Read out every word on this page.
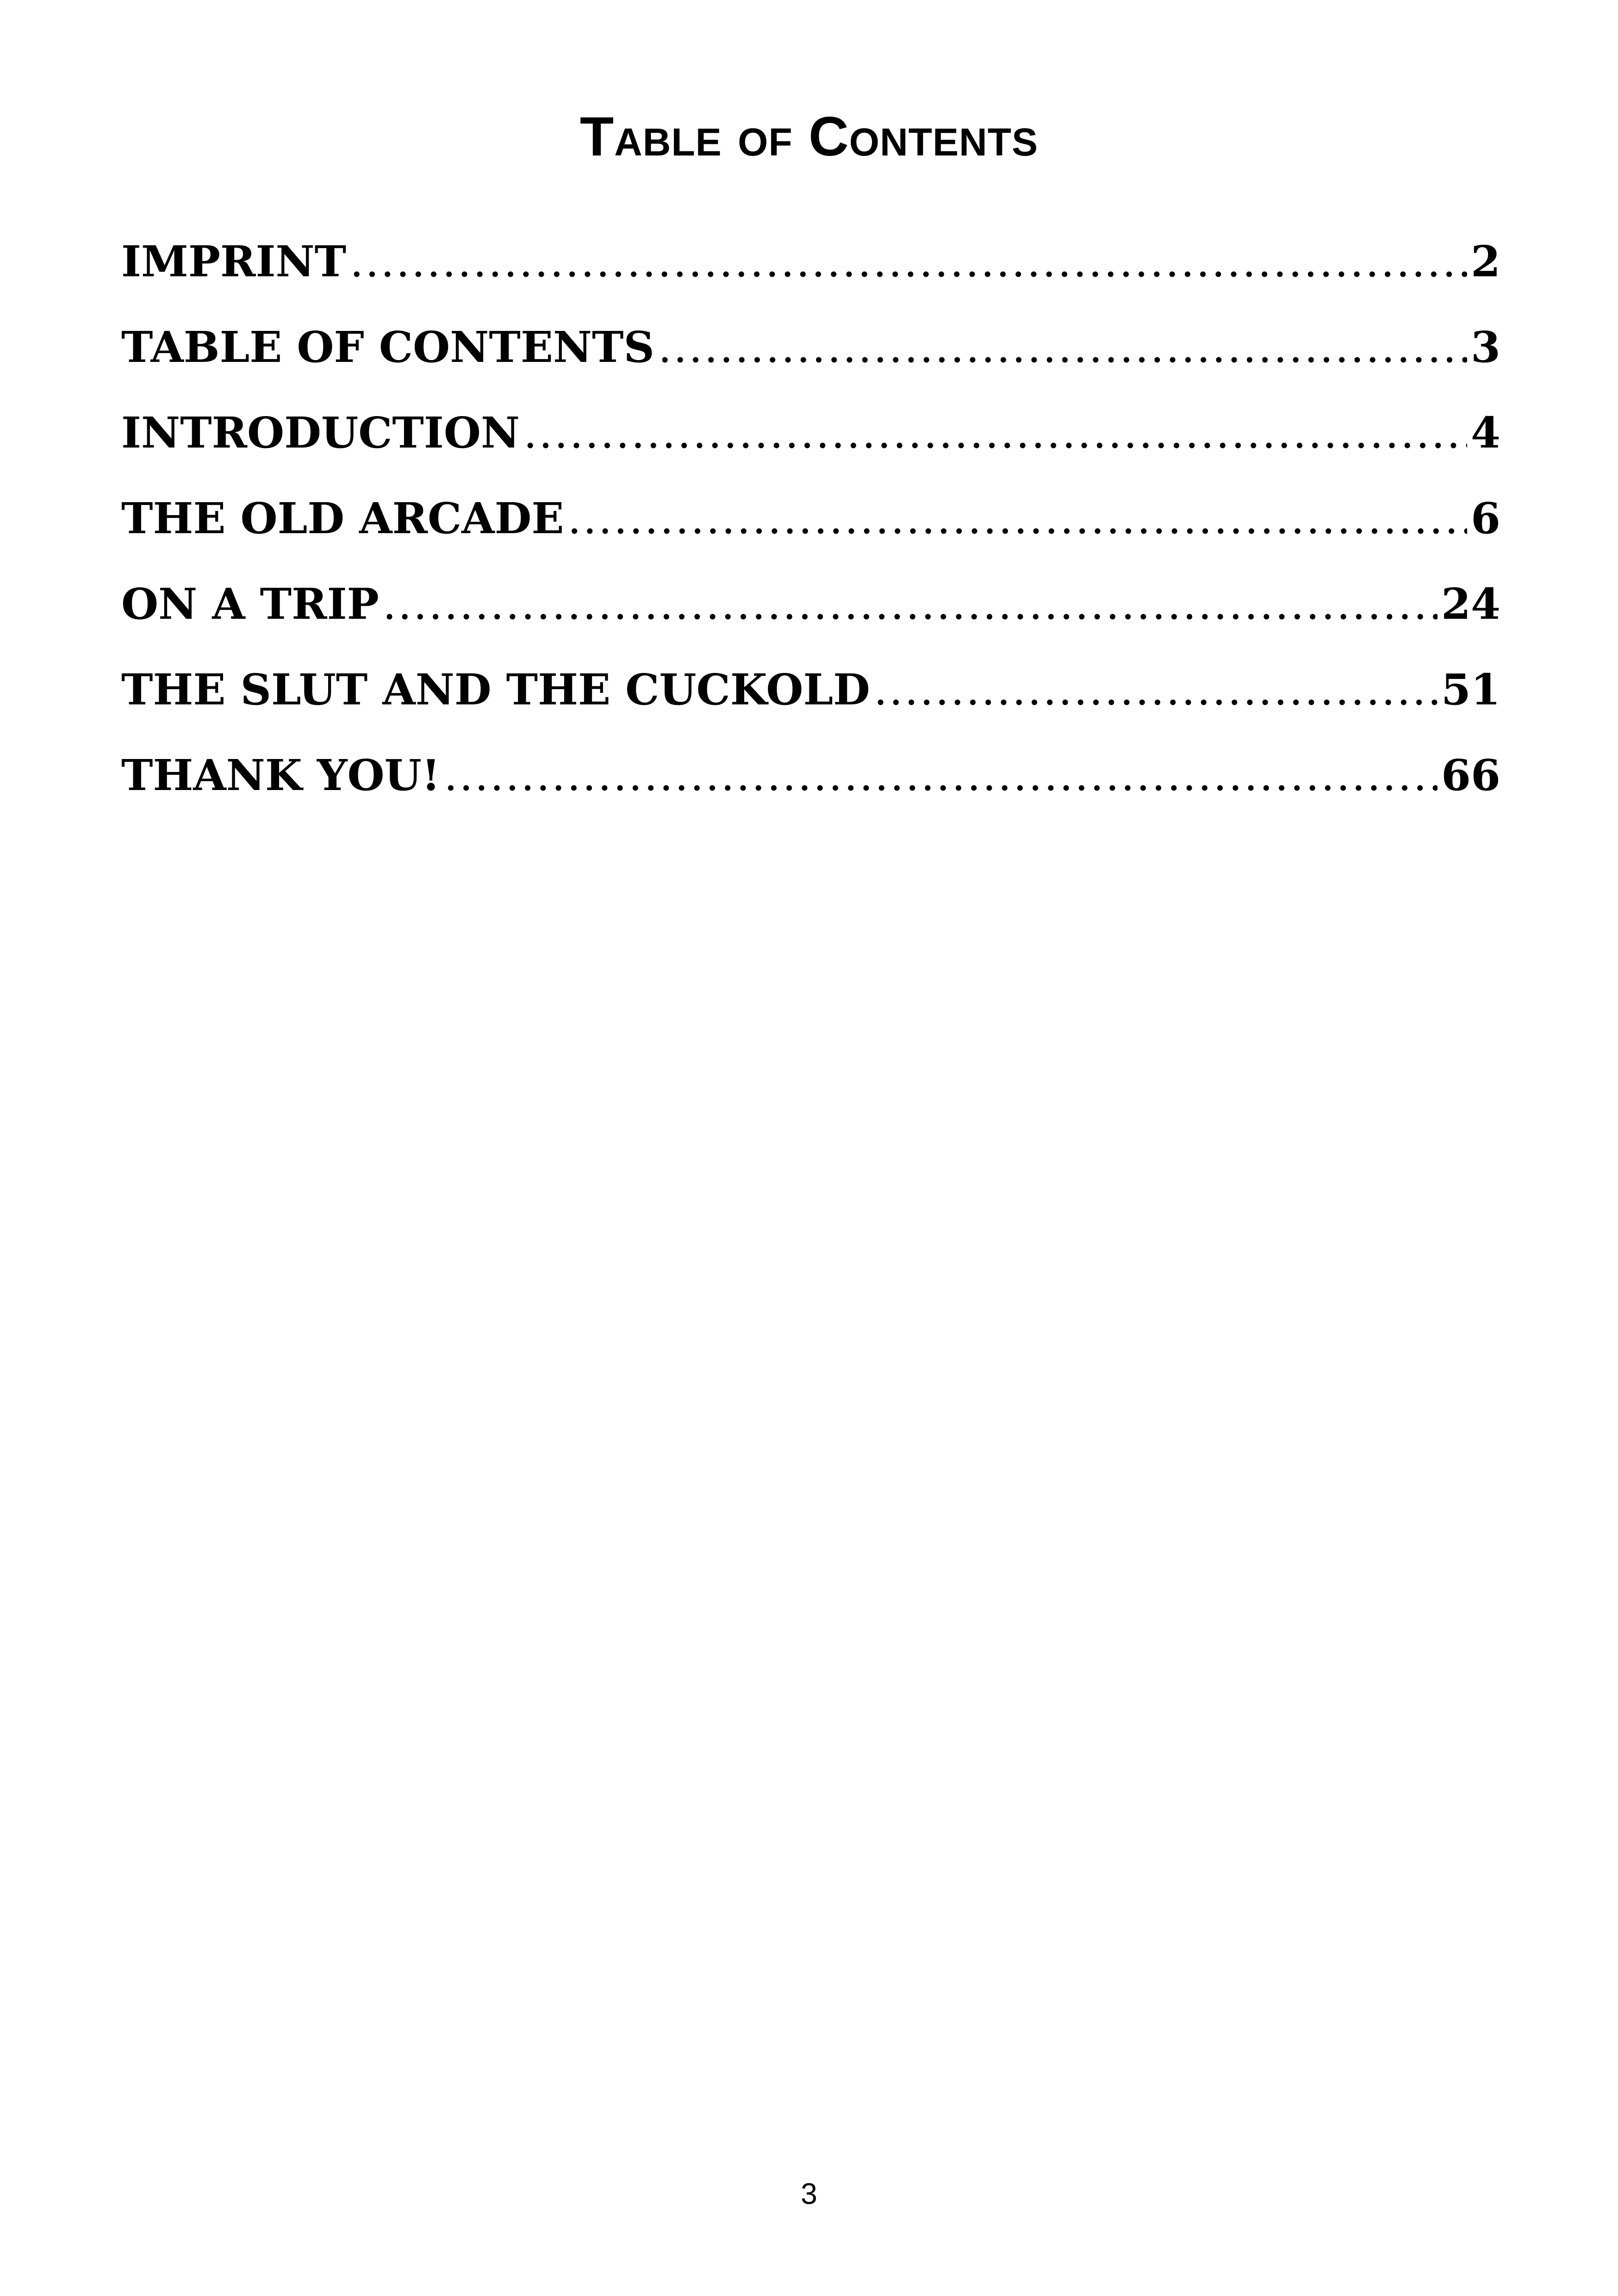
Table of Contents
IMPRINT .....	2
TABLE OF CONTENTS .....	3
INTRODUCTION .....	4
THE OLD ARCADE .....	6
ON A TRIP .....	24
THE SLUT AND THE CUCKOLD .....	51
THANK YOU! .....	66
3
